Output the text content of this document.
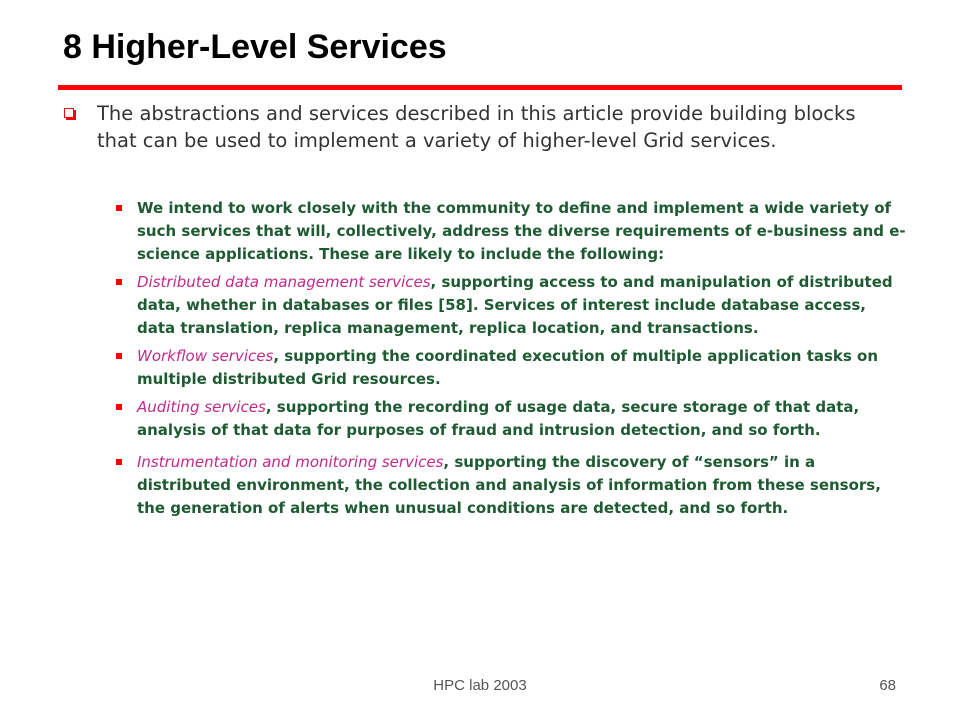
8 Higher-Level Services
The abstractions and services described in this article provide building blocks that can be used to implement a variety of higher-level Grid services.
We intend to work closely with the community to define and implement a wide variety of such services that will, collectively, address the diverse requirements of e-business and e-science applications. These are likely to include the following:
Distributed data management services, supporting access to and manipulation of distributed data, whether in databases or files [58]. Services of interest include database access, data translation, replica management, replica location, and transactions.
Workflow services, supporting the coordinated execution of multiple application tasks on multiple distributed Grid resources.
Auditing services, supporting the recording of usage data, secure storage of that data, analysis of that data for purposes of fraud and intrusion detection, and so forth.
Instrumentation and monitoring services, supporting the discovery of “sensors” in a distributed environment, the collection and analysis of information from these sensors, the generation of alerts when unusual conditions are detected, and so forth.
HPC lab 2003	68
